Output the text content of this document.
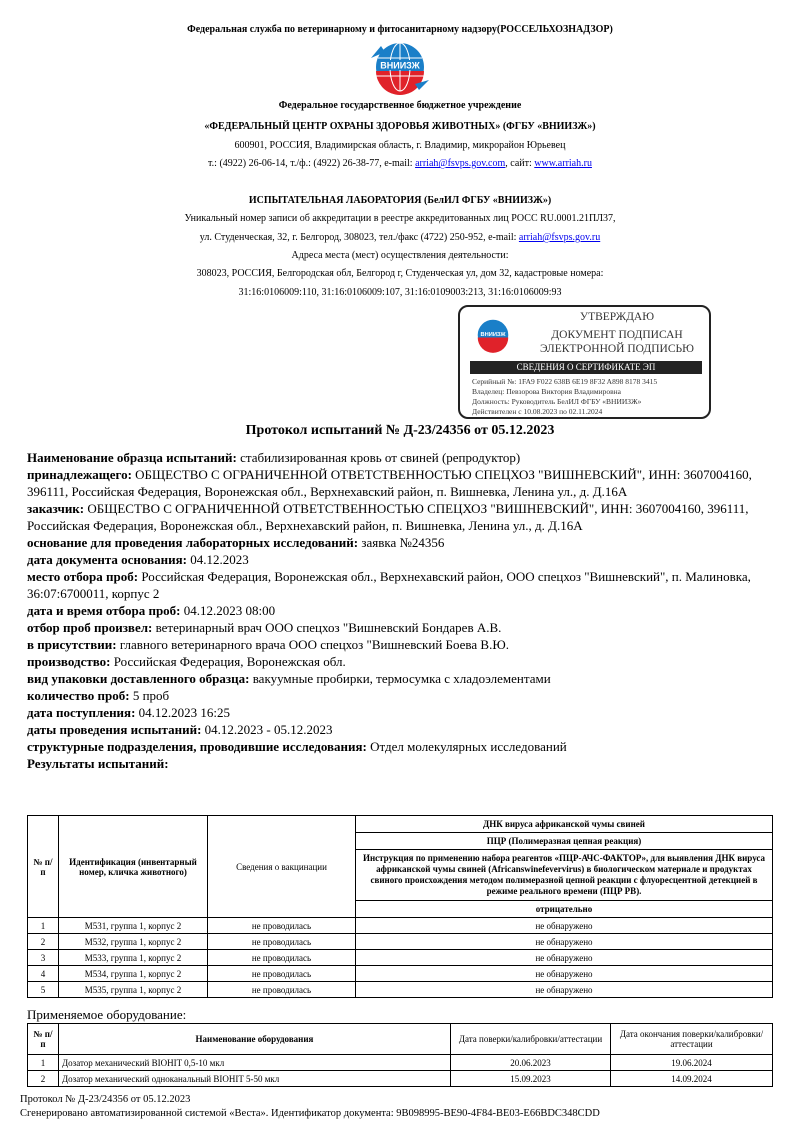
Федеральная служба по ветеринарному и фитосанитарному надзору(РОССЕЛЬХОЗНАДЗОР)
ВНИИЗЖ
Федеральное государственное бюджетное учреждение
«ФЕДЕРАЛЬНЫЙ ЦЕНТР ОХРАНЫ ЗДОРОВЬЯ ЖИВОТНЫХ» (ФГБУ «ВНИИЗЖ»)
600901, РОССИЯ, Владимирская область, г. Владимир, микрорайон Юрьевец
т.: (4922) 26-06-14, т./ф.: (4922) 26-38-77, e-mail: arriah@fsvps.gov.com, сайт: www.arriah.ru
ИСПЫТАТЕЛЬНАЯ ЛАБОРАТОРИЯ (БелИЛ ФГБУ «ВНИИЗЖ»)
Уникальный номер записи об аккредитации в реестре аккредитованных лиц РОСС RU.0001.21ПЛ37,
ул. Студенческая, 32, г. Белгород, 308023, тел./факс (4722) 250-952, e-mail: arriah@fsvps.gov.ru
Адреса места (мест) осуществления деятельности:
308023, РОССИЯ, Белгородская обл, Белгород г, Студенческая ул, дом 32, кадастровые номера:
31:16:0106009:110, 31:16:0106009:107, 31:16:0109003:213, 31:16:0106009:93
ВНИИЗЖ
УТВЕРЖДАЮ
ДОКУМЕНТ ПОДПИСАН
ЭЛЕКТРОННОЙ ПОДПИСЬЮ
СВЕДЕНИЯ О СЕРТИФИКАТЕ ЭП
Серийный №: 1FA9 F022 638B 6E19 8F32 A898 8178 3415
Владелец: Певзорова Виктория Владимировна
Должность: Руководитель БелИЛ ФГБУ «ВНИИЗЖ»
Действителен с 10.08.2023 по 02.11.2024
Протокол испытаний № Д-23/24356 от 05.12.2023

Наименование образца испытаний: стабилизированная кровь от свиней (репродуктор)

принадлежащего: ОБЩЕСТВО С ОГРАНИЧЕННОЙ ОТВЕТСТВЕННОСТЬЮ СПЕЦХОЗ "ВИШНЕВСКИЙ", ИНН: 3607004160, 396111, Российская Федерация, Воронежская обл., Верхнехавский район, п. Вишневка, Ленина ул., д. Д.16А

заказчик: ОБЩЕСТВО С ОГРАНИЧЕННОЙ ОТВЕТСТВЕННОСТЬЮ СПЕЦХОЗ "ВИШНЕВСКИЙ", ИНН: 3607004160, 396111, Российская Федерация, Воронежская обл., Верхнехавский район, п. Вишневка, Ленина ул., д. Д.16А

основание для проведения лабораторных исследований: заявка №24356

дата документа основания: 04.12.2023

место отбора проб: Российская Федерация, Воронежская обл., Верхнехавский район, ООО спецхоз "Вишневский", п. Малиновка, 36:07:6700011, корпус 2

дата и время отбора проб: 04.12.2023 08:00

отбор проб произвел: ветеринарный врач ООО спецхоз "Вишневский Бондарев А.В.

в присутствии: главного ветеринарного врача ООО спецхоз "Вишневский Боева В.Ю.

производство: Российская Федерация, Воронежская обл.

вид упаковки доставленного образца: вакуумные пробирки, термосумка с хладоэлементами

количество проб: 5 проб

дата поступления: 04.12.2023 16:25

даты проведения испытаний: 04.12.2023 - 05.12.2023

структурные подразделения, проводившие исследования: Отдел молекулярных исследований

Результаты испытаний:

№ п/п	Идентификация (инвентарный номер, кличка животного)	Сведения о вакцинации	ДНК вируса африканской чумы свиней
			ПЦР (Полимеразная цепная реакция)
			Инструкция по применению набора реагентов «ПЦР-АЧС-ФАКТОР», для выявления ДНК вируса африканской чумы свиней (Africanswinefevervirus) в биологическом материале и продуктах свиного происхождения методом полимеразной цепной реакции с флуоресцентной детекцией в режиме реального времени (ПЦР РВ).
			отрицательно
1	M531, группа 1, корпус 2	не проводилась	не обнаружено
2	M532, группа 1, корпус 2	не проводилась	не обнаружено
3	M533, группа 1, корпус 2	не проводилась	не обнаружено
4	M534, группа 1, корпус 2	не проводилась	не обнаружено
5	M535, группа 1, корпус 2	не проводилась	не обнаружено
Применяемое оборудование:
№ п/п	Наименование оборудования	Дата поверки/калибровки/аттестации	Дата окончания поверки/калибровки/аттестации
1	Дозатор механический BIOHIT 0,5-10 мкл	20.06.2023	19.06.2024
2	Дозатор механический одноканальный BIOHIT 5-50 мкл	15.09.2023	14.09.2024
Протокол № Д-23/24356 от 05.12.2023
Сгенерировано автоматизированной системой «Веста». Идентификатор документа: 9B098995-BE90-4F84-BE03-E66BDC348CDD
